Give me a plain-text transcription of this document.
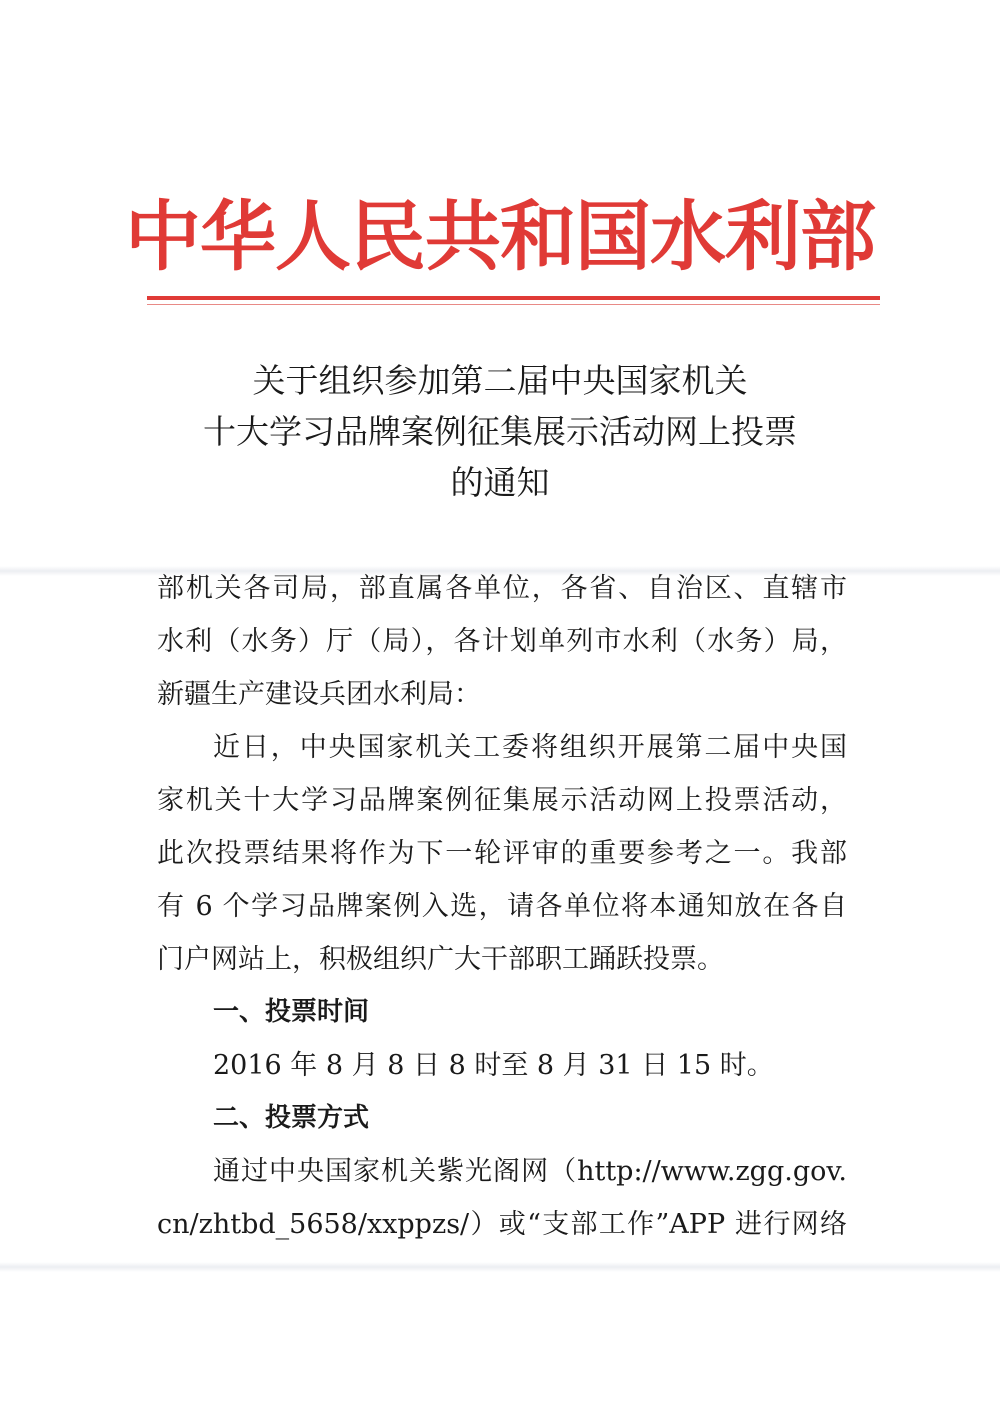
中华人民共和国水利部
关于组织参加第二届中央国家机关
十大学习品牌案例征集展示活动网上投票
的通知
部机关各司局，部直属各单位，各省、自治区、直辖市
水利（水务）厅（局），各计划单列市水利（水务）局，
新疆生产建设兵团水利局：
近日，中央国家机关工委将组织开展第二届中央国
家机关十大学习品牌案例征集展示活动网上投票活动，
此次投票结果将作为下一轮评审的重要参考之一。我部
有 6 个学习品牌案例入选，请各单位将本通知放在各自
门户网站上，积极组织广大干部职工踊跃投票。
一、投票时间
2016 年 8 月 8 日 8 时至 8 月 31 日 15 时。
二、投票方式
通过中央国家机关紫光阁网（http://www.zgg.gov.
cn/zhtbd_5658/xxppzs/）或“支部工作”APP 进行网络
